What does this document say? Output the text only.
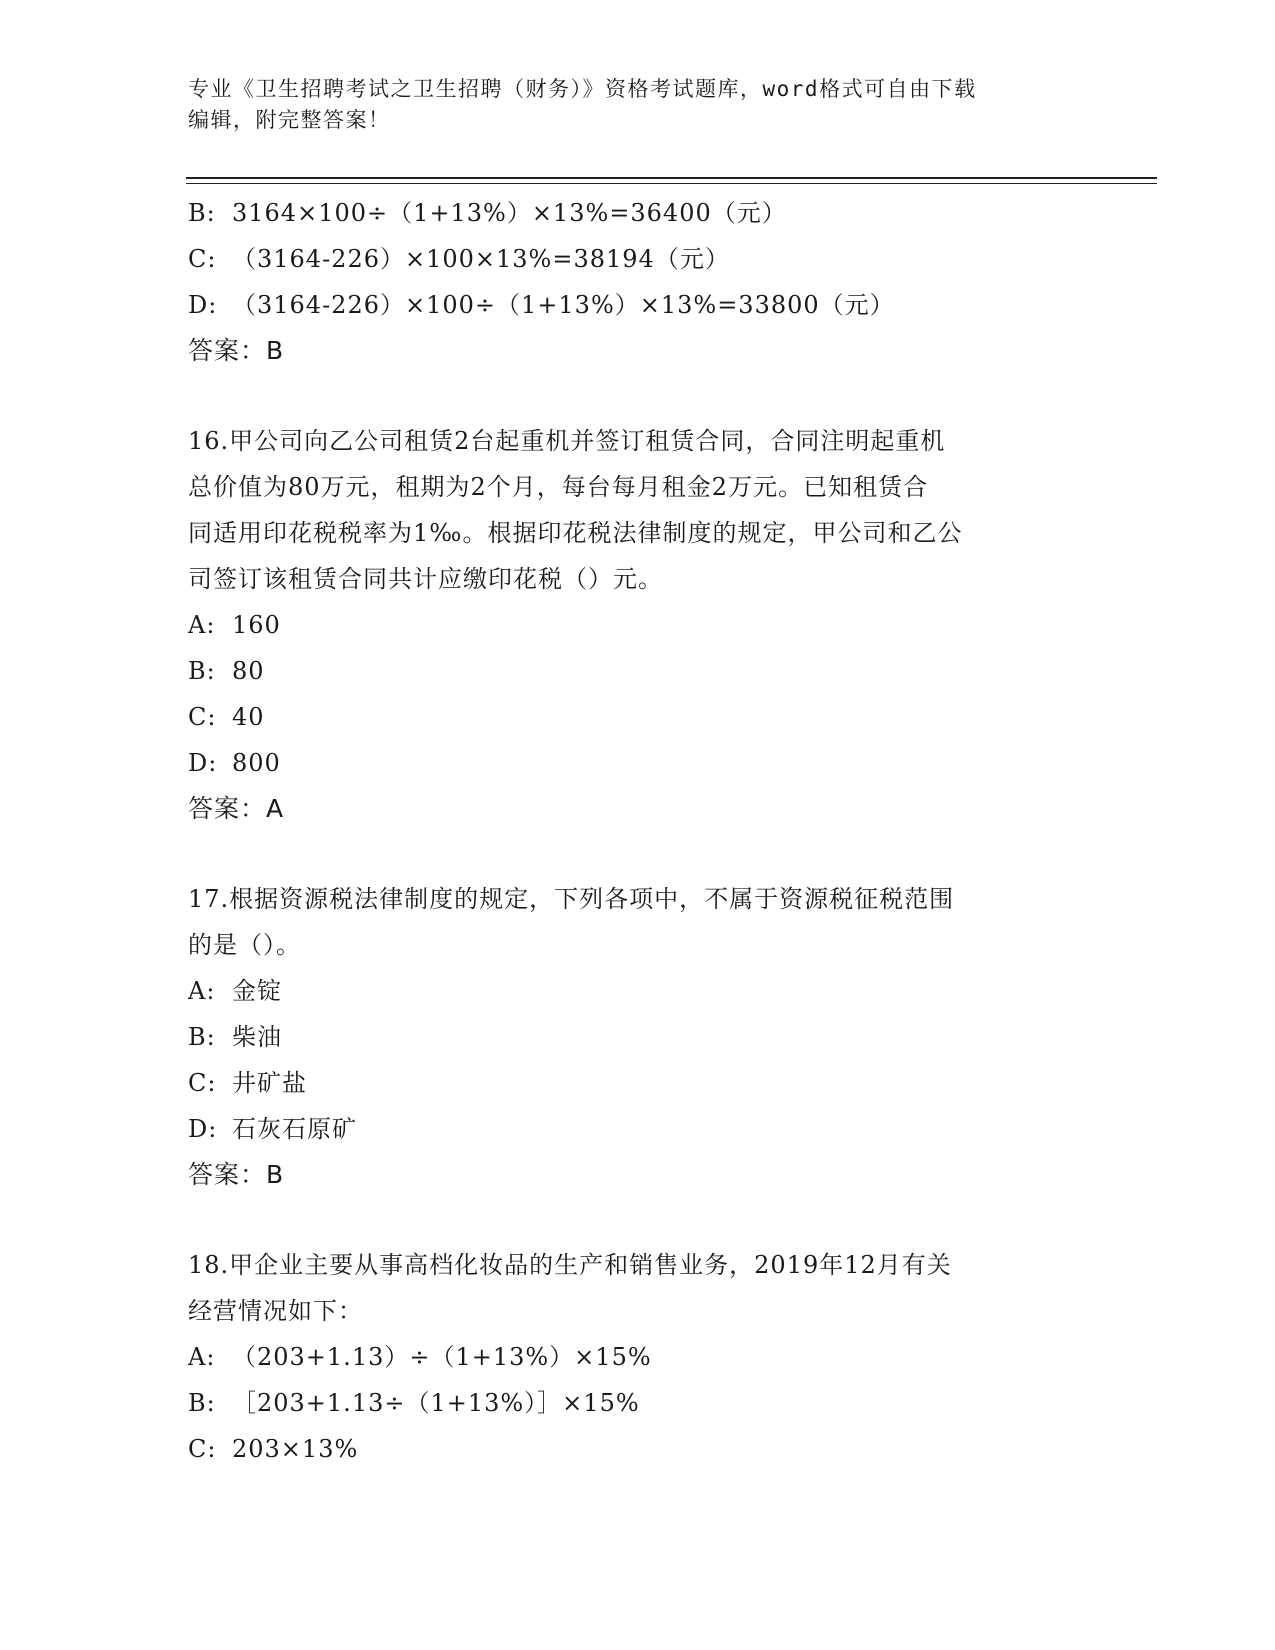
专业《卫生招聘考试之卫生招聘（财务）》资格考试题库，word格式可自由下载
编辑，附完整答案！
B: 3164×100÷（1+13%）×13%=36400（元）
C: （3164-226）×100×13%=38194（元）
D: （3164-226）×100÷（1+13%）×13%=33800（元）
答案：B
16.甲公司向乙公司租赁2台起重机并签订租赁合同，合同注明起重机
总价值为80万元，租期为2个月，每台每月租金2万元。已知租赁合
同适用印花税税率为1‰。根据印花税法律制度的规定，甲公司和乙公
司签订该租赁合同共计应缴印花税（）元。
A: 160
B: 80
C: 40
D: 800
答案：A
17.根据资源税法律制度的规定，下列各项中，不属于资源税征税范围
的是（）。
A: 金锭
B: 柴油
C: 井矿盐
D: 石灰石原矿
答案：B
18.甲企业主要从事高档化妆品的生产和销售业务，2019年12月有关
经营情况如下：
A: （203+1.13）÷（1+13%）×15%
B: ［203+1.13÷（1+13%）］×15%
C: 203×13%
